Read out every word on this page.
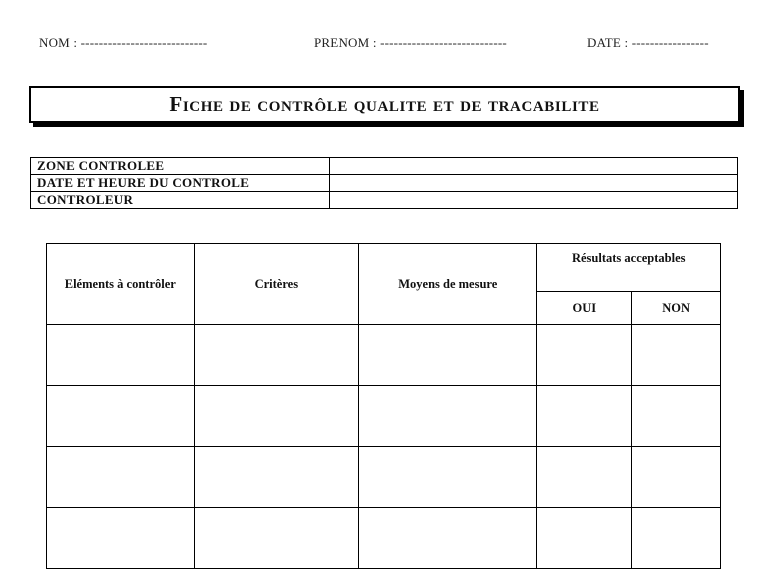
NOM : ----------------------------	PRENOM : ----------------------------	DATE : -----------------
Fiche de contrôle qualite et de tracabilite
ZONE CONTROLEE	
DATE ET HEURE DU CONTROLE	
CONTROLEUR	
Eléments à contrôler	Critères	Moyens de mesure	Résultats acceptables	
			OUI	NON
